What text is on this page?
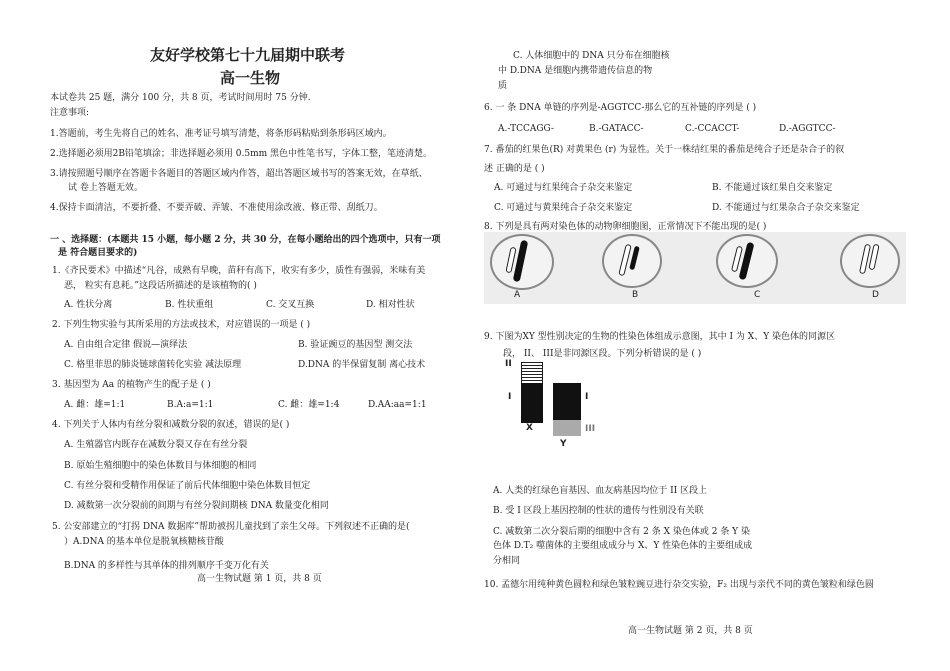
友好学校第七十九届期中联考
高一生物
本试卷共 25 题，满分 100 分，共 8 页，考试时间用时 75 分钟.
注意事项:
1.答题前，考生先将自己的姓名、准考证号填写清楚，将条形码粘贴到条形码区域内。
2.选择题必须用2B铅笔填涂；非选择题必须用 0.5mm 黑色中性笔书写，字体工整，笔迹清楚。
3.请按照题号顺序在答题卡各题目的答题区域内作答，超出答题区域书写的答案无效，在草纸、
试 卷上答题无效。
4.保持卡面清洁，不要折叠、不要弄破、弄皱、不准使用涂改液、修正带、刮纸刀。
一 、选择题：(本题共 15 小题，每小题 2 分，共 30 分，在每小题给出的四个选项中，只有一项
是 符合题目要求的)
1.《齐民要术》中描述“凡谷，成熟有早晚，苗秆有高下，收实有多少，质性有强弱，米味有美
恶， 粒实有息耗。”这段话所描述的是该植物的( )
A. 性状分离	B. 性状重组	C. 交叉互换	D. 相对性状
2. 下列生物实验与其所采用的方法或技术，对应错误的一项是 ( )
A. 自由组合定律 假说—演绎法	B. 验证豌豆的基因型 测交法
C. 格里菲思的肺炎链球菌转化实验 减法原理	D.DNA 的半保留复制 离心技术
3. 基因型为 Aa 的植物产生的配子是 ( )
A. 雌：雄=1:1	B.A:a=1:1	C. 雌：雄=1:4	D.AA:aa=1:1
4. 下列关于人体内有丝分裂和减数分裂的叙述，错误的是( )
A. 生殖器官内既存在减数分裂又存在有丝分裂
B. 原始生殖细胞中的染色体数目与体细胞的相同
C. 有丝分裂和受精作用保证了前后代体细胞中染色体数目恒定
D. 减数第一次分裂前的间期与有丝分裂间期核 DNA 数量变化相同
5. 公安部建立的“打拐 DNA 数据库”帮助被拐儿童找到了亲生父母。下列叙述不正确的是(
）A.DNA 的基本单位是脱氧核糖核苷酸
B.DNA 的多样性与其单体的排列顺序千变万化有关
高一生物试题 第 1 页，共 8 页
C. 人体细胞中的 DNA 只分布在细胞核
中 D.DNA 是细胞内携带遗传信息的物
质
6. 一 条 DNA 单链的序列是-AGGTCC-那么它的互补链的序列是 ( )
A.-TCCAGG-	B.-GATACC-	C.-CCACCT-	D.-AGGTCC-
7. 番茄的红果色(R) 对黄果色 (r) 为显性。关于一株结红果的番茄是纯合子还是杂合子的叙
述 正确的是 ( )
A. 可通过与红果纯合子杂交来鉴定	B. 不能通过该红果自交来鉴定
C. 可通过与黄果纯合子杂交来鉴定	D. 不能通过与红果杂合子杂交来鉴定
8. 下列是具有两对染色体的动物卵细胞图，正常情况下不能出现的是( )
A	B	C	D
9. 下图为XY 型性别决定的生物的性染色体组成示意图，其中 I 为 X、Y 染色体的同源区
段， II、 III是非同源区段。下列分析错误的是 ( )
II
I
X
I
III
Y
A. 人类的红绿色盲基因、血友病基因均位于 II 区段上
B. 受 I 区段上基因控制的性状的遗传与性别没有关联
C. 减数第二次分裂后期的细胞中含有 2 条 X 染色体或 2 条 Y 染
色体 D.T₂ 噬菌体的主要组成成分与 X、Y 性染色体的主要组成成
分相同
10. 孟德尔用纯种黄色圆粒和绿色皱粒豌豆进行杂交实验，F₂ 出现与亲代不同的黄色皱粒和绿色圆
高一生物试题 第 2 页，共 8 页
